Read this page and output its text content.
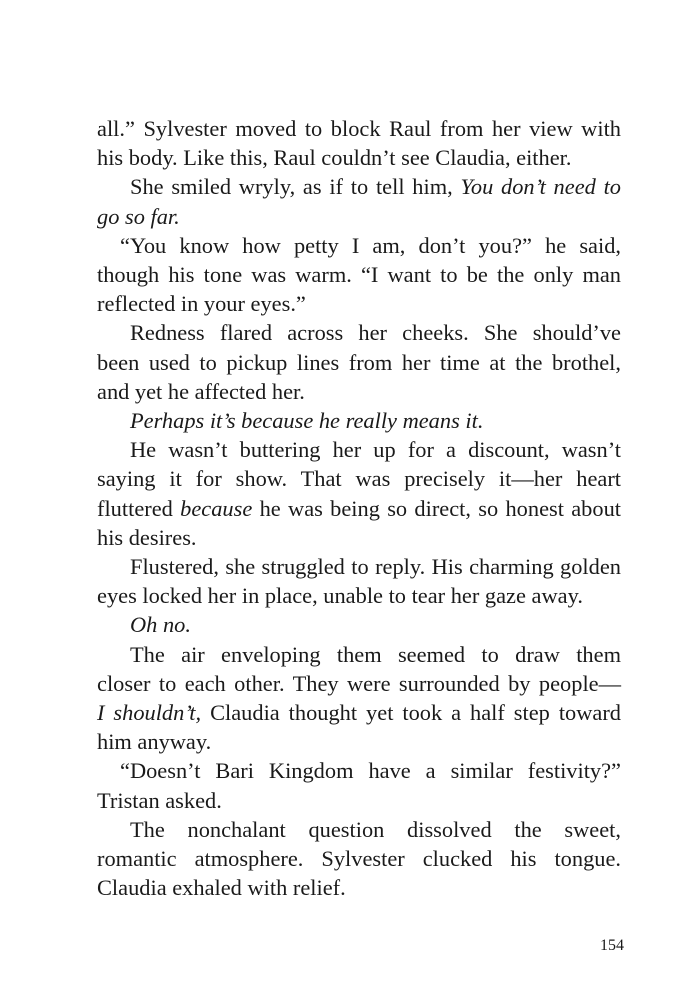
all.” Sylvester moved to block Raul from her view with
his body. Like this, Raul couldn’t see Claudia, either.
She smiled wryly, as if to tell him, You don’t need to
go so far.
“You know how petty I am, don’t you?” he said,
though his tone was warm. “I want to be the only man
reflected in your eyes.”
Redness flared across her cheeks. She should’ve
been used to pickup lines from her time at the brothel,
and yet he affected her.
Perhaps it’s because he really means it.
He wasn’t buttering her up for a discount, wasn’t
saying it for show. That was precisely it—her heart
fluttered because he was being so direct, so honest about
his desires.
Flustered, she struggled to reply. His charming golden
eyes locked her in place, unable to tear her gaze away.
Oh no.
The air enveloping them seemed to draw them
closer to each other. They were surrounded by people—
I shouldn’t, Claudia thought yet took a half step toward
him anyway.
“Doesn’t Bari Kingdom have a similar festivity?”
Tristan asked.
The nonchalant question dissolved the sweet,
romantic atmosphere. Sylvester clucked his tongue.
Claudia exhaled with relief.
154
